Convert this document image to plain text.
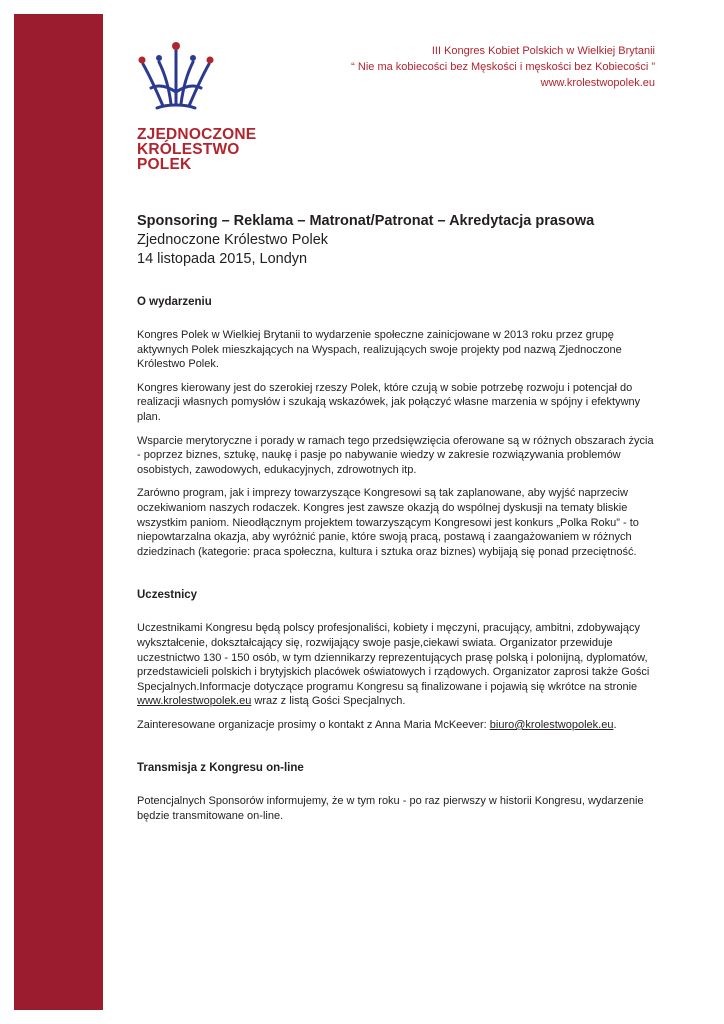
ZJEDNOCZONE
KRÓLESTWO
POLEK
III Kongres Kobiet Polskich w Wielkiej Brytanii
“ Nie ma kobiecości bez Męskości i męskości bez Kobiecości ”
www.krolestwopolek.eu

Sponsoring – Reklama – Matronat/Patronat – Akredytacja prasowa

Zjednoczone Królestwo Polek

14 listopada 2015, Londyn

O wydarzeniu

Kongres Polek w Wielkiej Brytanii to wydarzenie społeczne zainicjowane w 2013 roku przez grupę aktywnych Polek mieszkających na Wyspach, realizujących swoje projekty pod nazwą Zjednoczone Królestwo Polek.

Kongres kierowany jest do szerokiej rzeszy Polek, które czują w sobie potrzebę rozwoju i potencjał do realizacji własnych pomysłów i szukają wskazówek, jak połączyć własne marzenia w spójny i efektywny plan.

Wsparcie merytoryczne i porady w ramach tego przedsięwzięcia oferowane są w różnych obszarach życia - poprzez biznes, sztukę, naukę i pasje po nabywanie wiedzy w zakresie rozwiązywania problemów osobistych, zawodowych, edukacyjnych, zdrowotnych itp.

Zarówno program, jak i imprezy towarzyszące Kongresowi są tak zaplanowane, aby wyjść naprzeciw oczekiwaniom naszych rodaczek. Kongres jest zawsze okazją do wspólnej dyskusji na tematy bliskie wszystkim paniom. Nieodłącznym projektem towarzyszącym Kongresowi jest konkurs „Polka Roku” - to niepowtarzalna okazja, aby wyróżnić panie, które swoją pracą, postawą i zaangażowaniem w różnych dziedzinach (kategorie: praca społeczna, kultura i sztuka oraz biznes) wybijają się ponad przeciętność.

Uczestnicy

Uczestnikami Kongresu będą polscy profesjonaliści, kobiety i męczyni, pracujący, ambitni, zdobywający wykształcenie, dokształcający się, rozwijający swoje pasje,ciekawi swiata. Organizator przewiduje uczestnictwo 130 - 150 osób, w tym dziennikarzy reprezentujących prasę polską i polonijną, dyplomatów, przedstawicieli polskich i brytyjskich placówek oświatowych i rządowych. Organizator zaprosi także Gości Specjalnych.Informacje dotyczące programu Kongresu są finalizowane i pojawią się wkrótce na stronie www.krolestwopolek.eu wraz z listą Gości Specjalnych.

Zainteresowane organizacje prosimy o kontakt z Anna Maria McKeever: biuro@krolestwopolek.eu.

Transmisja z Kongresu on-line

Potencjalnych Sponsorów informujemy, że w tym roku - po raz pierwszy w historii Kongresu, wydarzenie będzie transmitowane on-line.
